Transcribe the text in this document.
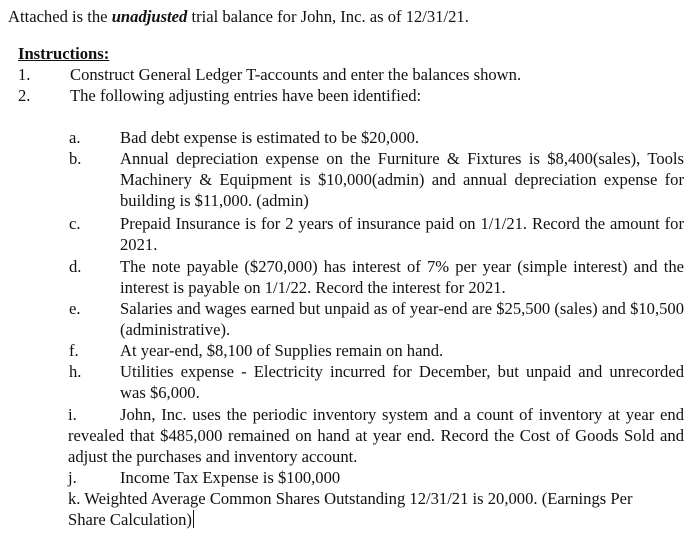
Attached is the unadjusted trial balance for John, Inc. as of 12/31/21.
Instructions:
1. Construct General Ledger T-accounts and enter the balances shown.
2. The following adjusting entries have been identified:
a. Bad debt expense is estimated to be $20,000.
b. Annual depreciation expense on the Furniture & Fixtures is $8,400(sales), Tools Machinery & Equipment is $10,000(admin) and annual depreciation expense for building is $11,000. (admin)
c. Prepaid Insurance is for 2 years of insurance paid on 1/1/21. Record the amount for 2021.
d. The note payable ($270,000) has interest of 7% per year (simple interest) and the interest is payable on 1/1/22. Record the interest for 2021.
e. Salaries and wages earned but unpaid as of year-end are $25,500 (sales) and $10,500 (administrative).
f. At year-end, $8,100 of Supplies remain on hand.
h. Utilities expense - Electricity incurred for December, but unpaid and unrecorded was $6,000.
i.	John, Inc. uses the periodic inventory system and a count of inventory at year end revealed that $485,000 remained on hand at year end. Record the Cost of Goods Sold and adjust the purchases and inventory account.
j.	Income Tax Expense is $100,000
k. Weighted Average Common Shares Outstanding 12/31/21 is 20,000. (Earnings Per Share Calculation)
